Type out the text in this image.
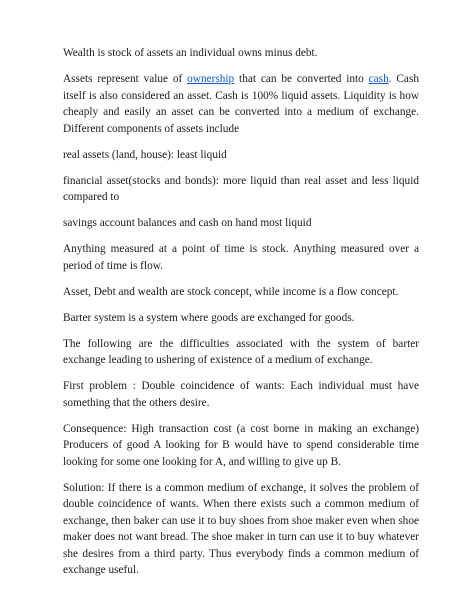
Wealth is stock of assets an individual owns minus debt.

Assets represent value of ownership that can be converted into cash. Cash itself is also considered an asset. Cash is 100% liquid assets. Liquidity is how cheaply and easily an asset can be converted into a medium of exchange. Different components of assets include

real assets (land, house): least liquid

financial asset(stocks and bonds): more liquid than real asset and less liquid compared to

savings account balances and cash on hand most liquid

Anything measured at a point of time is stock. Anything measured over a period of time is flow.

Asset, Debt and wealth are stock concept, while income is a flow concept.

Barter system is a system where goods are exchanged for goods.

The following are the difficulties associated with the system of barter exchange leading to ushering of existence of a medium of exchange.

First problem : Double coincidence of wants: Each individual must have something that the others desire.

Consequence: High transaction cost (a cost borne in making an exchange) Producers of good A looking for B would have to spend considerable time looking for some one looking for A, and willing to give up B.

Solution: If there is a common medium of exchange, it solves the problem of double coincidence of wants. When there exists such a common medium of exchange, then baker can use it to buy shoes from shoe maker even when shoe maker does not want bread. The shoe maker in turn can use it to buy whatever she desires from a third party. Thus everybody finds a common medium of exchange useful.
